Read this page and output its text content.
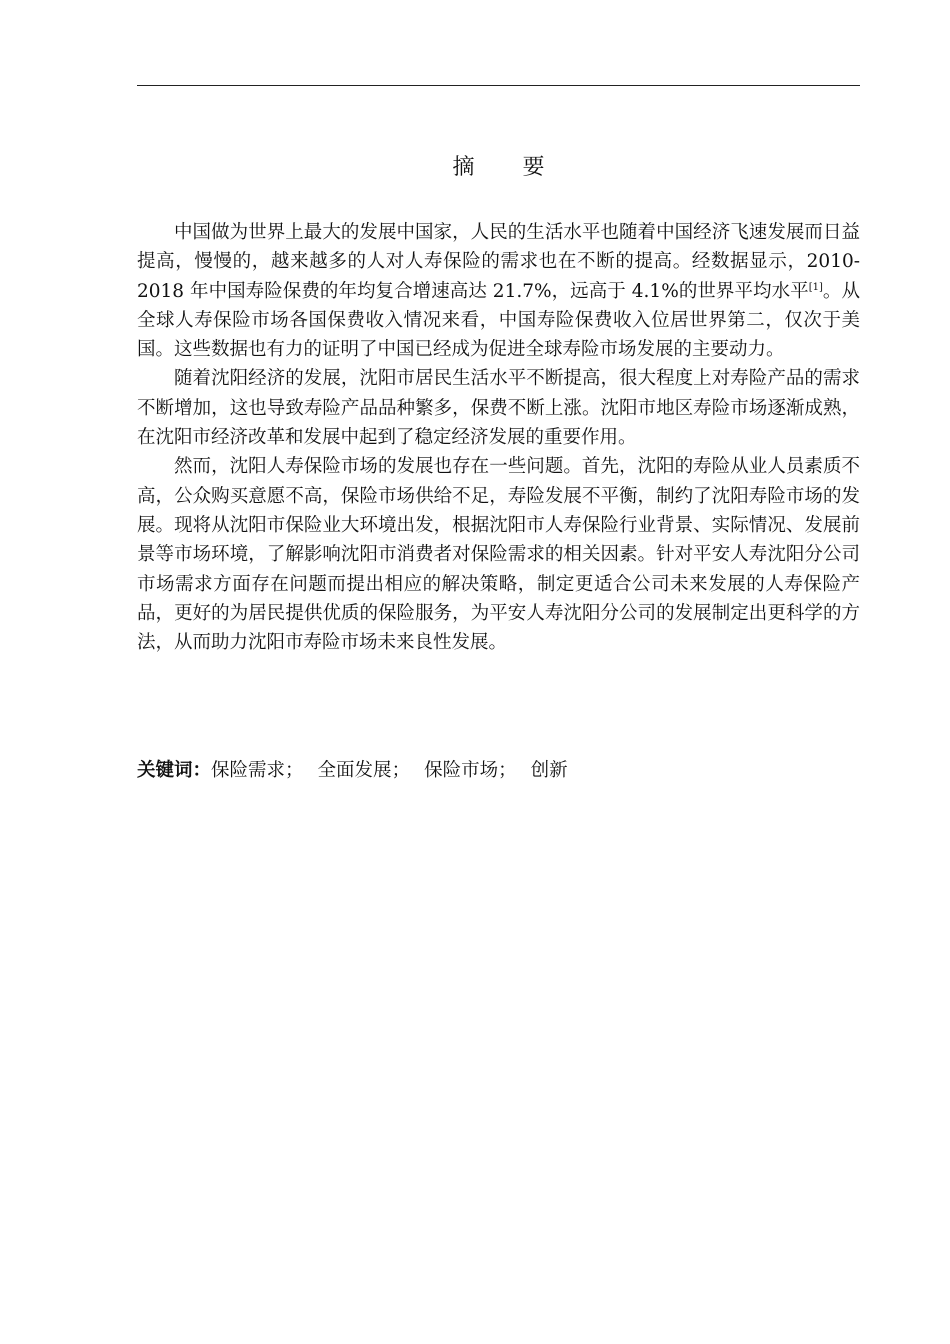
摘 要

中国做为世界上最大的发展中国家，人民的生活水平也随着中国经济飞速发展而日益提高，慢慢的，越来越多的人对人寿保险的需求也在不断的提高。经数据显示，2010-2018 年中国寿险保费的年均复合增速高达 21.7%，远高于 4.1%的世界平均水平[1]。从全球人寿保险市场各国保费收入情况来看，中国寿险保费收入位居世界第二，仅次于美国。这些数据也有力的证明了中国已经成为促进全球寿险市场发展的主要动力。

随着沈阳经济的发展，沈阳市居民生活水平不断提高，很大程度上对寿险产品的需求不断增加，这也导致寿险产品品种繁多，保费不断上涨。沈阳市地区寿险市场逐渐成熟， 在沈阳市经济改革和发展中起到了稳定经济发展的重要作用。

然而，沈阳人寿保险市场的发展也存在一些问题。首先，沈阳的寿险从业人员素质不高，公众购买意愿不高，保险市场供给不足，寿险发展不平衡，制约了沈阳寿险市场的发展。现将从沈阳市保险业大环境出发，根据沈阳市人寿保险行业背景、实际情况、发展前景等市场环境，了解影响沈阳市消费者对保险需求的相关因素。针对平安人寿沈阳分公司市场需求方面存在问题而提出相应的解决策略，制定更适合公司未来发展的人寿保险产品，更好的为居民提供优质的保险服务，为平安人寿沈阳分公司的发展制定出更科学的方法，从而助力沈阳市寿险市场未来良性发展。

关键词：保险需求； 全面发展； 保险市场； 创新
